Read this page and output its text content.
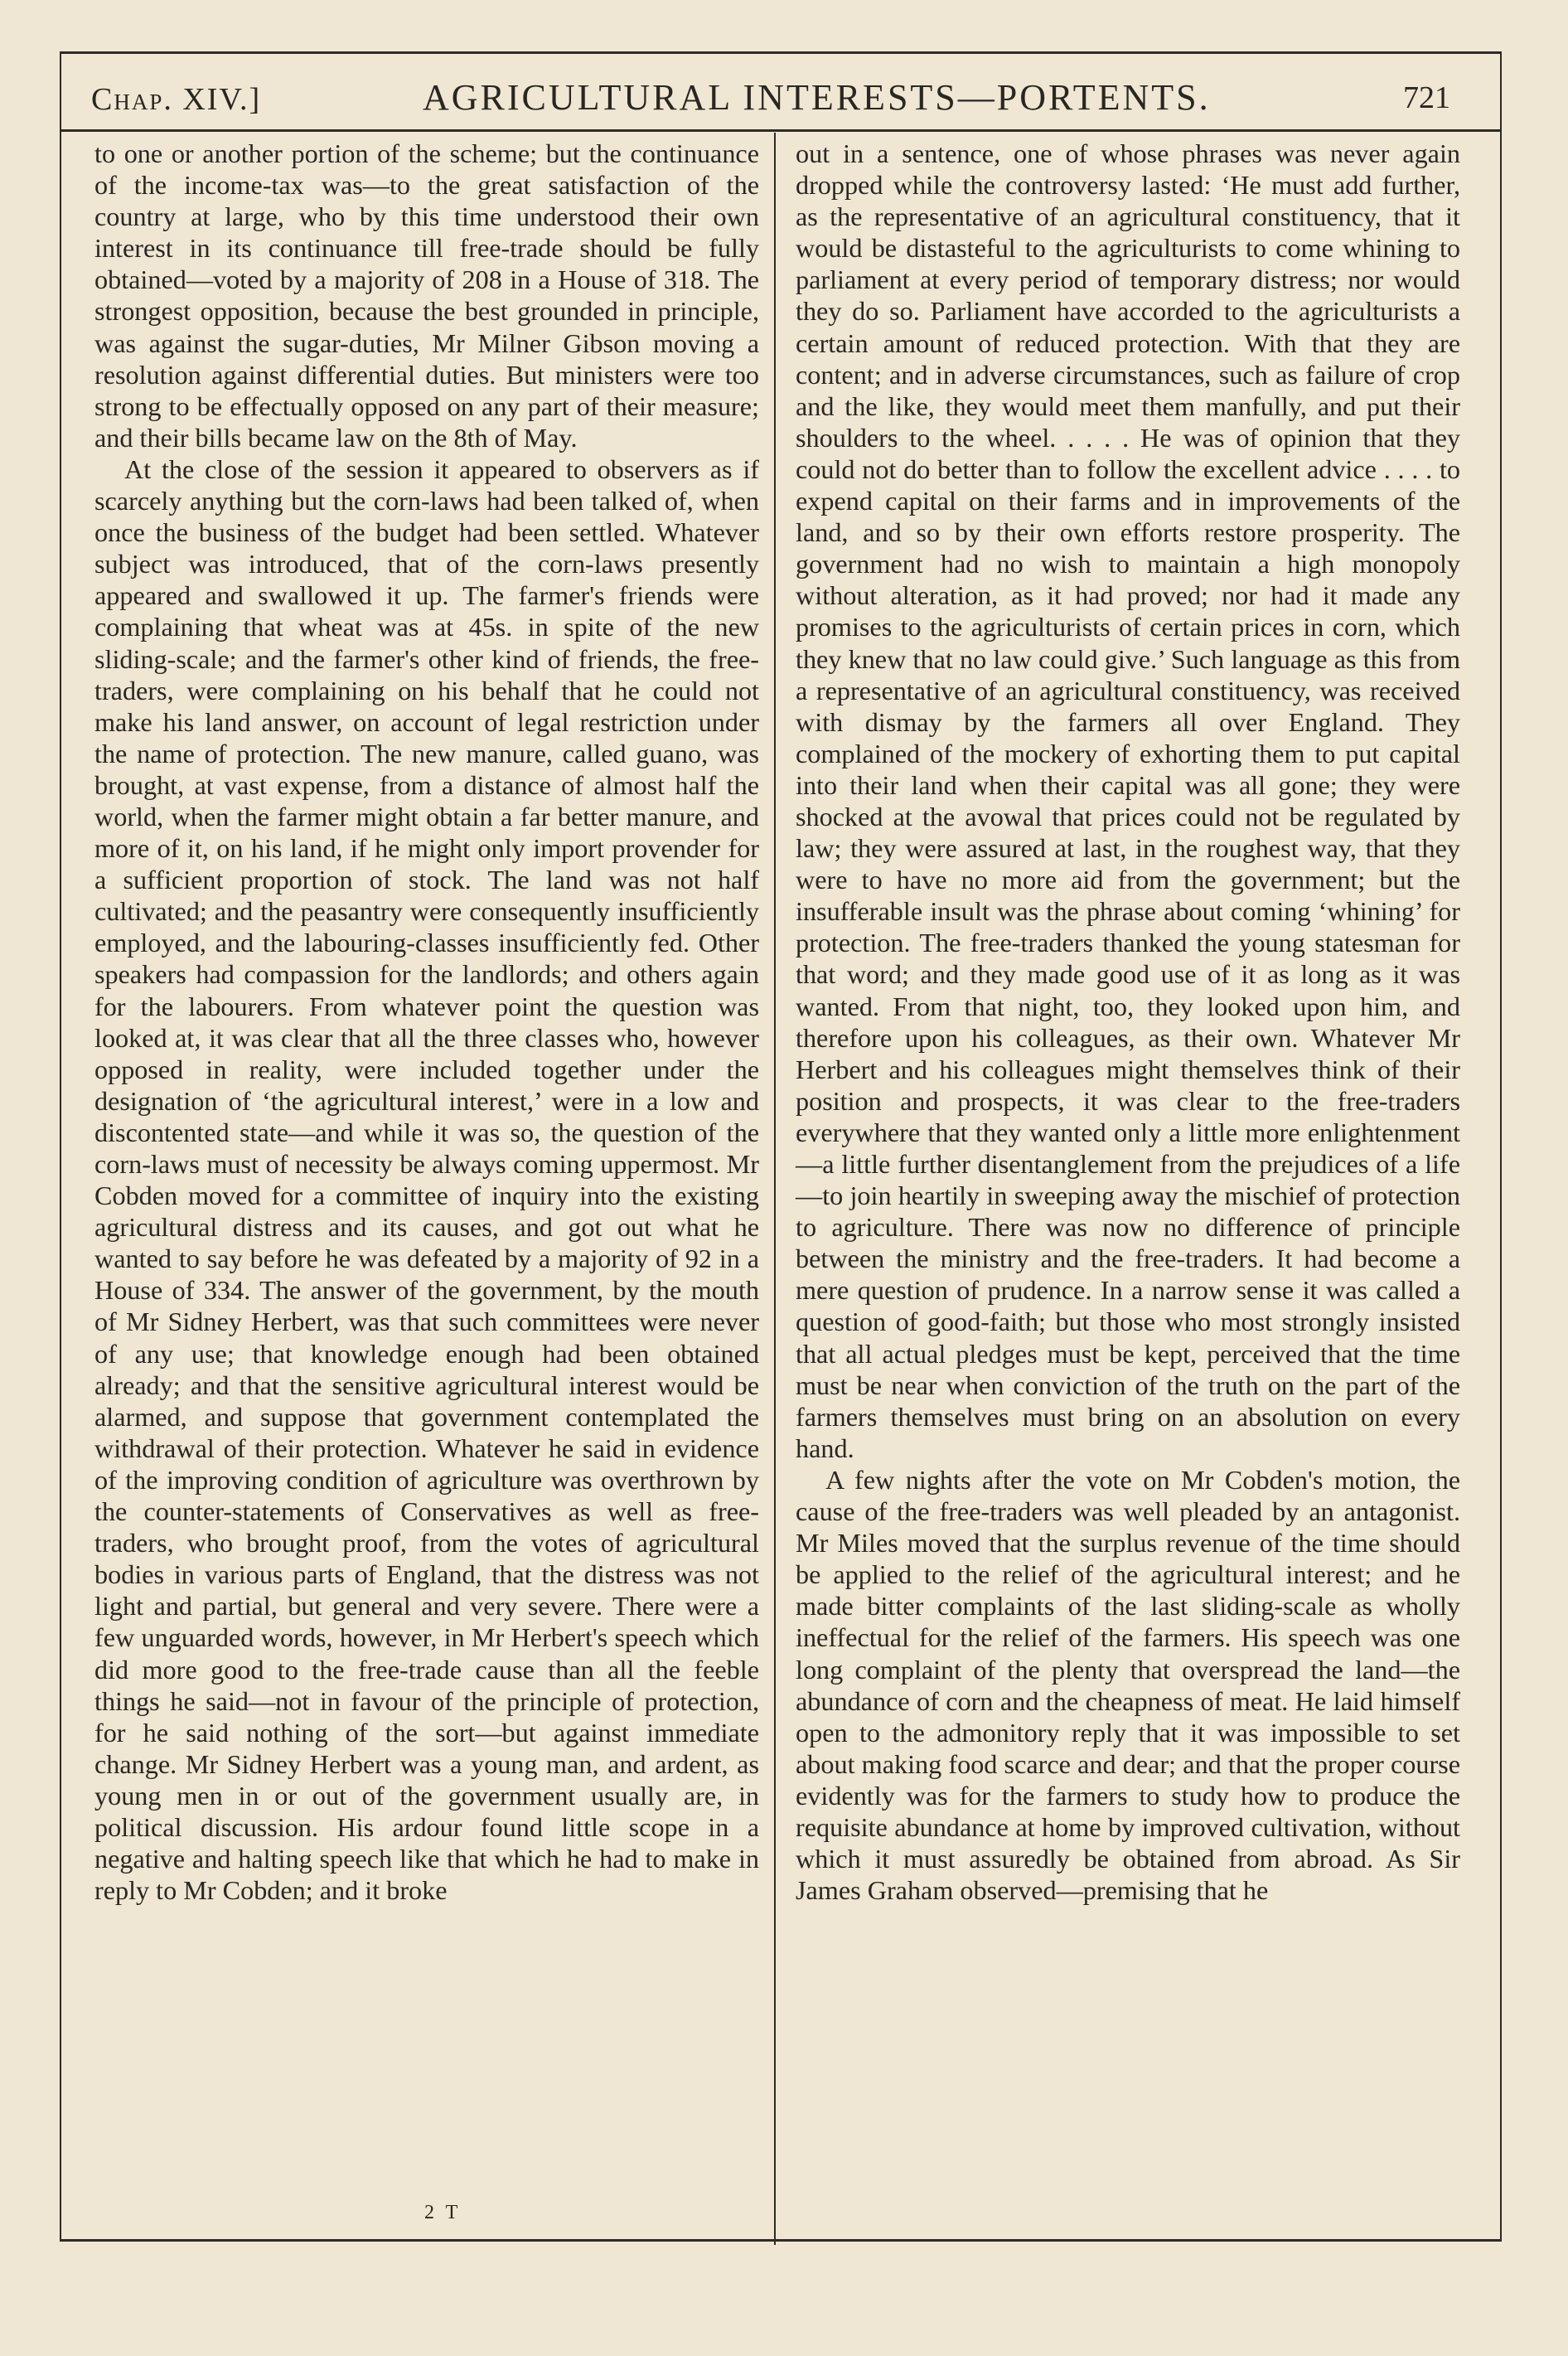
Chap. XIV.]	AGRICULTURAL INTERESTS—PORTENTS.	721

to one or another portion of the scheme; but the continuance of the income-tax was—to the great satisfaction of the country at large, who by this time understood their own interest in its continuance till free-trade should be fully obtained—voted by a majority of 208 in a House of 318. The strongest opposition, because the best grounded in principle, was against the sugar-duties, Mr Milner Gibson moving a resolution against differential duties. But ministers were too strong to be effectually opposed on any part of their measure; and their bills became law on the 8th of May.

At the close of the session it appeared to observers as if scarcely anything but the corn-laws had been talked of, when once the business of the budget had been settled. Whatever subject was introduced, that of the corn-laws presently appeared and swallowed it up. The farmer's friends were complaining that wheat was at 45s. in spite of the new sliding-scale; and the farmer's other kind of friends, the free-traders, were complaining on his behalf that he could not make his land answer, on account of legal restriction under the name of protection. The new manure, called guano, was brought, at vast expense, from a distance of almost half the world, when the farmer might obtain a far better manure, and more of it, on his land, if he might only import provender for a sufficient proportion of stock. The land was not half cultivated; and the peasantry were consequently insufficiently employed, and the labouring-classes insufficiently fed. Other speakers had compassion for the landlords; and others again for the labourers. From whatever point the question was looked at, it was clear that all the three classes who, however opposed in reality, were included together under the designation of ‘the agricultural interest,’ were in a low and discontented state—and while it was so, the question of the corn-laws must of necessity be always coming uppermost. Mr Cobden moved for a committee of inquiry into the existing agricultural distress and its causes, and got out what he wanted to say before he was defeated by a majority of 92 in a House of 334. The answer of the government, by the mouth of Mr Sidney Herbert, was that such committees were never of any use; that knowledge enough had been obtained already; and that the sensitive agricultural interest would be alarmed, and suppose that government contemplated the withdrawal of their protection. Whatever he said in evidence of the improving condition of agriculture was overthrown by the counter-statements of Conservatives as well as free-traders, who brought proof, from the votes of agricultural bodies in various parts of England, that the distress was not light and partial, but general and very severe. There were a few unguarded words, however, in Mr Herbert's speech which did more good to the free-trade cause than all the feeble things he said—not in favour of the principle of protection, for he said nothing of the sort—but against immediate change. Mr Sidney Herbert was a young man, and ardent, as young men in or out of the government usually are, in political discussion. His ardour found little scope in a negative and halting speech like that which he had to make in reply to Mr Cobden; and it broke

out in a sentence, one of whose phrases was never again dropped while the controversy lasted: ‘He must add further, as the representative of an agricultural constituency, that it would be distasteful to the agriculturists to come whining to parliament at every period of temporary distress; nor would they do so. Parliament have accorded to the agriculturists a certain amount of reduced protection. With that they are content; and in adverse circumstances, such as failure of crop and the like, they would meet them manfully, and put their shoulders to the wheel. . . . . He was of opinion that they could not do better than to follow the excellent advice . . . . to expend capital on their farms and in improvements of the land, and so by their own efforts restore prosperity. The government had no wish to maintain a high monopoly without alteration, as it had proved; nor had it made any promises to the agriculturists of certain prices in corn, which they knew that no law could give.’ Such language as this from a representative of an agricultural constituency, was received with dismay by the farmers all over England. They complained of the mockery of exhorting them to put capital into their land when their capital was all gone; they were shocked at the avowal that prices could not be regulated by law; they were assured at last, in the roughest way, that they were to have no more aid from the government; but the insufferable insult was the phrase about coming ‘whining’ for protection. The free-traders thanked the young statesman for that word; and they made good use of it as long as it was wanted. From that night, too, they looked upon him, and therefore upon his colleagues, as their own. Whatever Mr Herbert and his colleagues might themselves think of their position and prospects, it was clear to the free-traders everywhere that they wanted only a little more enlightenment—a little further disentanglement from the prejudices of a life—to join heartily in sweeping away the mischief of protection to agriculture. There was now no difference of principle between the ministry and the free-traders. It had become a mere question of prudence. In a narrow sense it was called a question of good-faith; but those who most strongly insisted that all actual pledges must be kept, perceived that the time must be near when conviction of the truth on the part of the farmers themselves must bring on an absolution on every hand.

A few nights after the vote on Mr Cobden's motion, the cause of the free-traders was well pleaded by an antagonist. Mr Miles moved that the surplus revenue of the time should be applied to the relief of the agricultural interest; and he made bitter complaints of the last sliding-scale as wholly ineffectual for the relief of the farmers. His speech was one long complaint of the plenty that overspread the land—the abundance of corn and the cheapness of meat. He laid himself open to the admonitory reply that it was impossible to set about making food scarce and dear; and that the proper course evidently was for the farmers to study how to produce the requisite abundance at home by improved cultivation, without which it must assuredly be obtained from abroad. As Sir James Graham observed—premising that he

2 T
